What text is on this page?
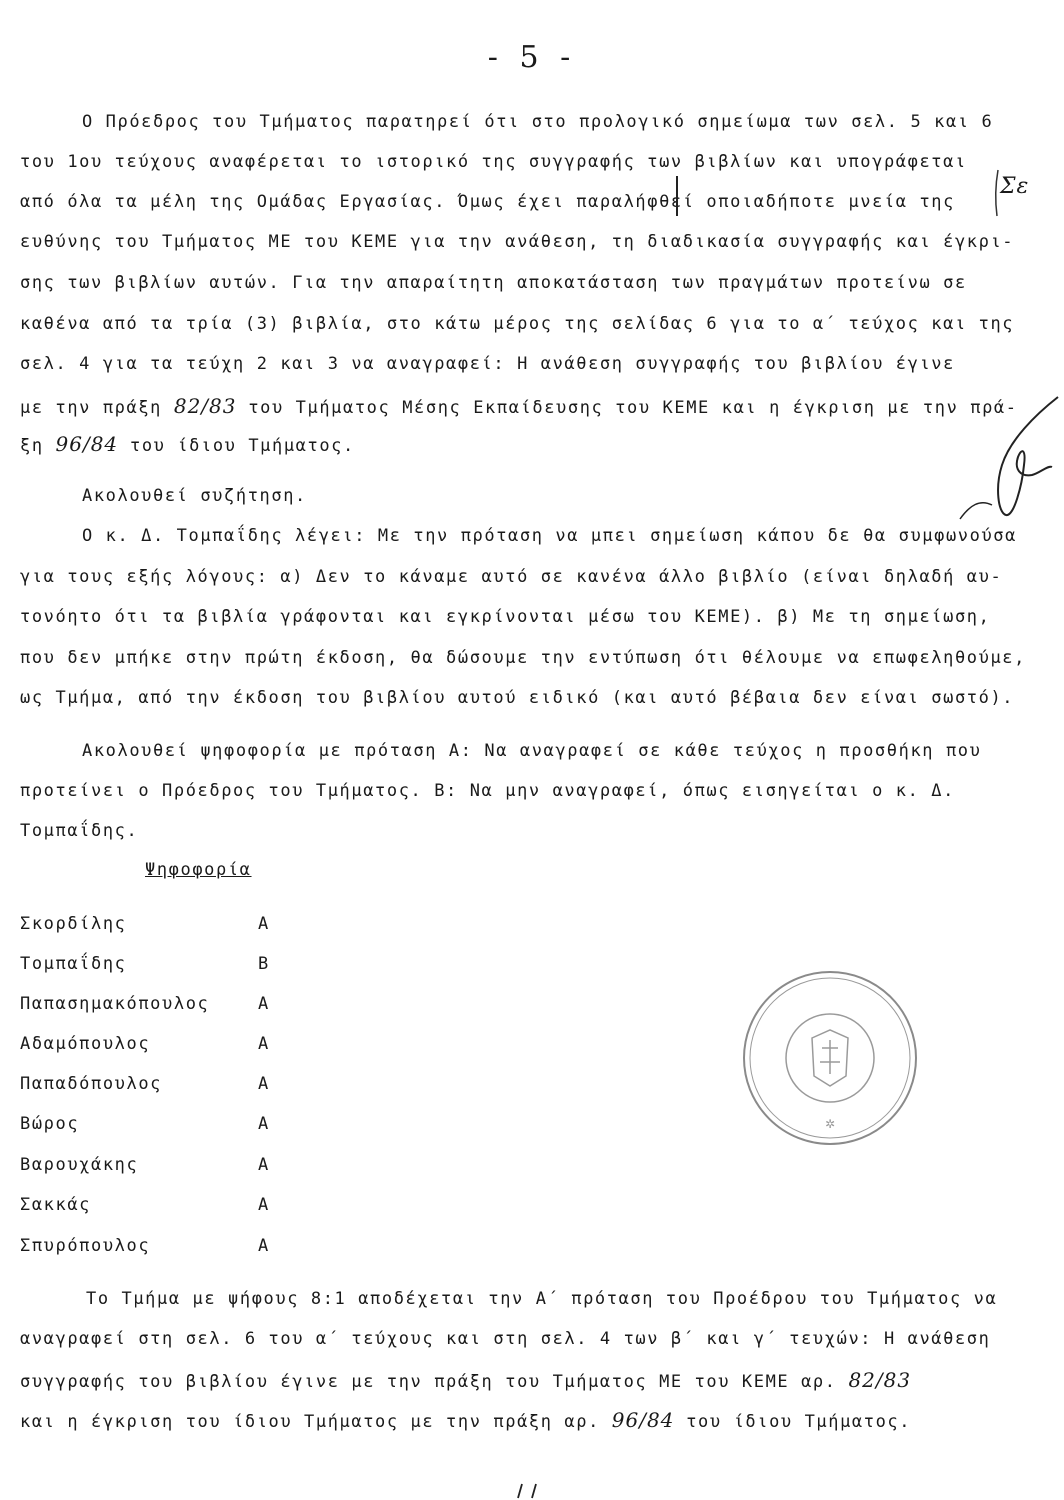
- 5 -
Ο Πρόεδρος του Τμήματος παρατηρεί ότι στο προλογικό σημείωμα των σελ. 5 και 6
του 1ου τεύχους αναφέρεται το ιστορικό της συγγραφής των βιβλίων και υπογράφεται
από όλα τα μέλη της Ομάδας Εργασίας. Όμως έχει παραλήφθεί οποιαδήποτε μνεία της
ευθύνης του Τμήματος ΜΕ του ΚΕΜΕ για την ανάθεση, τη διαδικασία συγγραφής και έγκρι-
σης των βιβλίων αυτών. Για την απαραίτητη αποκατάσταση των πραγμάτων προτείνω σε
καθένα από τα τρία (3) βιβλία, στο κάτω μέρος της σελίδας 6 για το α΄ τεύχος και της
σελ. 4 για τα τεύχη 2 και 3 να αναγραφεί: Η ανάθεση συγγραφής του βιβλίου έγινε
με την πράξη 82/83 του Τμήματος Μέσης Εκπαίδευσης του ΚΕΜΕ και η έγκριση με την πρά-
ξη 96/84 του ίδιου Τμήματος.
Ακολουθεί συζήτηση.
Ο κ. Δ. Τομπαΐδης λέγει: Με την πρόταση να μπει σημείωση κάπου δε θα συμφωνούσα
για τους εξής λόγους: α) Δεν το κάναμε αυτό σε κανένα άλλο βιβλίο (είναι δηλαδή αυ-
τονόητο ότι τα βιβλία γράφονται και εγκρίνονται μέσω του ΚΕΜΕ). β) Με τη σημείωση,
που δεν μπήκε στην πρώτη έκδοση, θα δώσουμε την εντύπωση ότι θέλουμε να επωφεληθούμε,
ως Τμήμα, από την έκδοση του βιβλίου αυτού ειδικό (και αυτό βέβαια δεν είναι σωστό).
Ακολουθεί ψηφοφορία με πρόταση Α: Να αναγραφεί σε κάθε τεύχος η προσθήκη που
προτείνει ο Πρόεδρος του Τμήματος. Β: Να μην αναγραφεί, όπως εισηγείται ο κ. Δ.
Τομπαΐδης.
Ψηφοφορία
Σκορδίλης	Α
Τομπαΐδης	Β
Παπασημακόπουλος	Α
Αδαμόπουλος	Α
Παπαδόπουλος	Α
Βώρος	Α
Βαρουχάκης	Α
Σακκάς	Α
Σπυρόπουλος	Α
Το Τμήμα με ψήφους 8:1 αποδέχεται την Α΄ πρόταση του Προέδρου του Τμήματος να
αναγραφεί στη σελ. 6 του α΄ τεύχους και στη σελ. 4 των β΄ και γ΄ τευχών: Η ανάθεση
συγγραφής του βιβλίου έγινε με την πράξη του Τμήματος ΜΕ του ΚΕΜΕ αρ. 82/83
και η έγκριση του ίδιου Τμήματος με την πράξη αρ. 96/84 του ίδιου Τμήματος.
✲
Σε
